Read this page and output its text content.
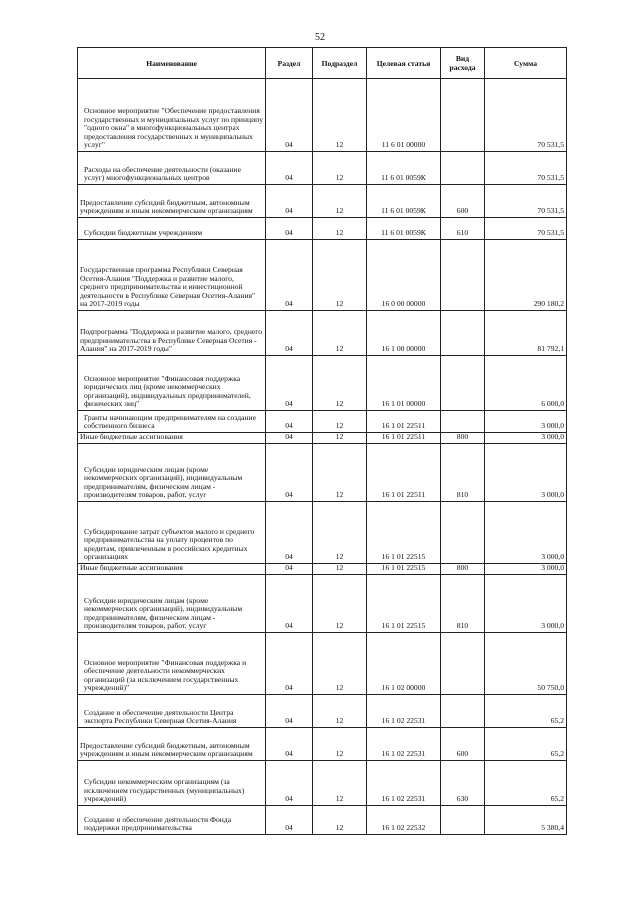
52
Наименование	Раздел	Подраздел	Целевая статья	Вид расхода	Сумма
Основное мероприятие "Обеспечение предоставления государственных и муниципальных услуг по принципу "одного окна" в многофункциональных центрах предоставления государственных и муниципальных услуг"	04	12	11 6 01 00000		70 531,5
Расходы на обеспечение деятельности (оказание услуг) многофункциональных центров	04	12	11 6 01 0059К		70 531,5
Предоставление субсидий бюджетным, автономным учреждениям и иным некоммерческим организациям	04	12	11 6 01 0059К	600	70 531,5
Субсидии бюджетным учреждениям	04	12	11 6 01 0059К	610	70 531,5
Государственная программа Республики Северная Осетия-Алания "Поддержка и развитие малого, среднего предпринимательства и инвестиционной деятельности в Республике Северная Осетия-Алания" на 2017-2019 годы	04	12	16 0 00 00000		290 180,2
Подпрограмма "Поддержка и развитие малого, среднего предпринимательства в Республике Северная Осетия - Алания" на 2017-2019 годы"	04	12	16 1 00 00000		81 792,1
Основное мероприятие "Финансовая поддержка юридических лиц (кроме некоммерческих организаций), индивидуальных предпринимателей, физических лиц"	04	12	16 1 01 00000		6 000,0
Гранты начинающим предпринимателям на создание собственного бизнеса	04	12	16 1 01 22511		3 000,0
Иные бюджетные ассигнования	04	12	16 1 01 22511	800	3 000,0
Субсидии юридическим лицам (кроме некоммерческих организаций), индивидуальным предпринимателям, физическим лицам - производителям товаров, работ, услуг	04	12	16 1 01 22511	810	3 000,0
Субсидирование затрат субъектов малого и среднего предпринимательства на уплату процентов по кредитам, привлеченным в российских кредитных организациях	04	12	16 1 01 22515		3 000,0
Иные бюджетные ассигнования	04	12	16 1 01 22515	800	3 000,0
Субсидии юридическим лицам (кроме некоммерческих организаций), индивидуальным предпринимателям, физическим лицам - производителям товаров, работ, услуг	04	12	16 1 01 22515	810	3 000,0
Основное мероприятие "Финансовая поддержка и обеспечение деятельности некоммерческих организаций (за исключением государственных учреждений)"	04	12	16 1 02 00000		50 750,0
Создание и обеспечение деятельности Центра экспорта Республики Северная Осетия-Алания	04	12	16 1 02 22531		65,2
Предоставление субсидий бюджетным, автономным учреждениям и иным некоммерческим организациям	04	12	16 1 02 22531	600	65,2
Субсидии некоммерческим организациям (за исключением государственных (муниципальных) учреждений)	04	12	16 1 02 22531	630	65,2
Создание и обеспечение деятельности Фонда поддержки предпринимательства	04	12	16 1 02 22532		5 380,4
